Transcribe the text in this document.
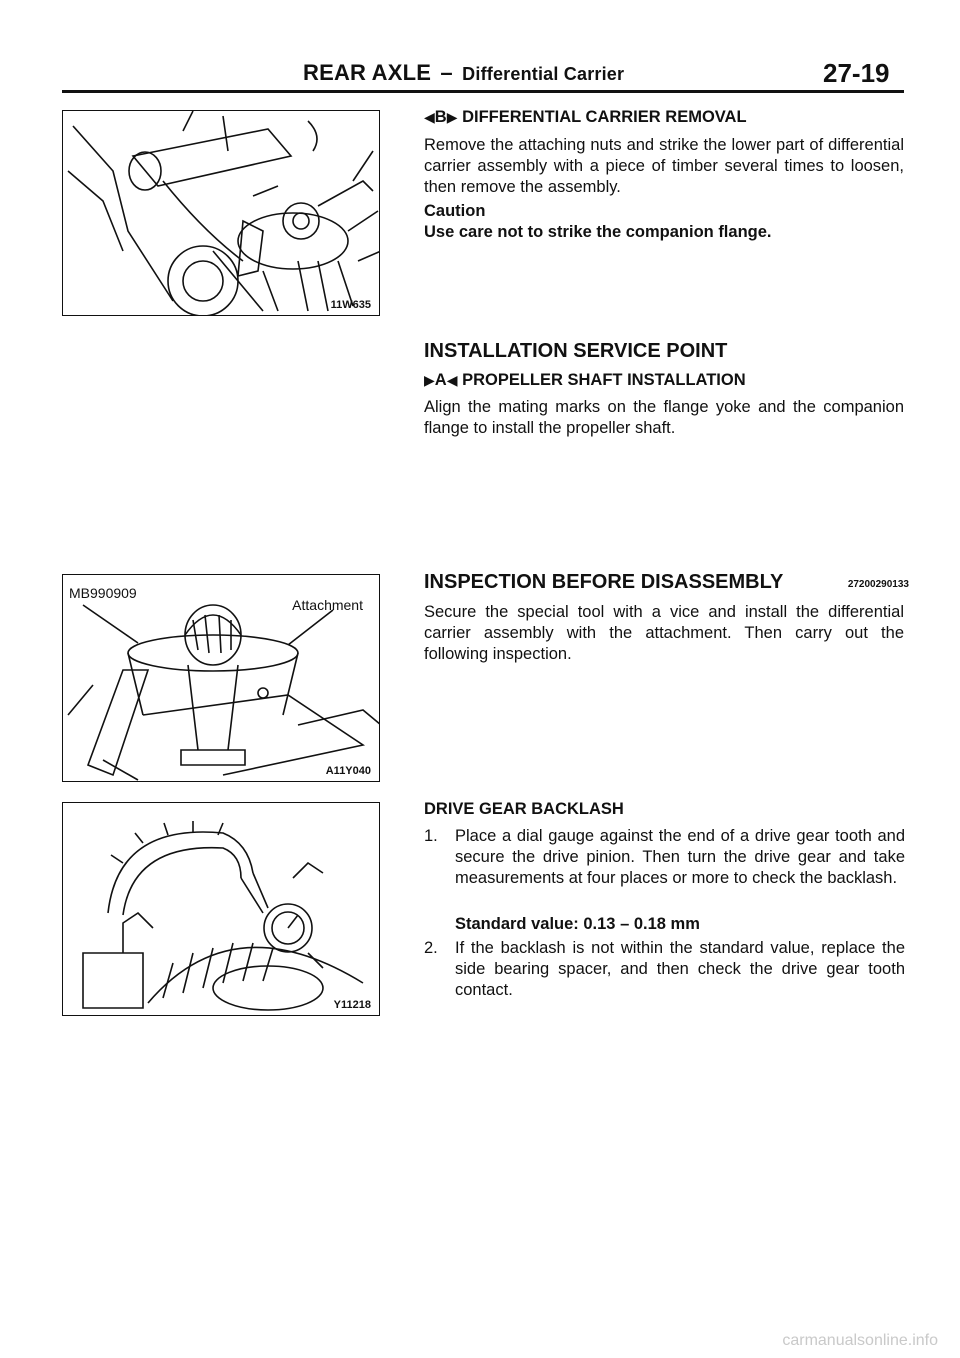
REAR AXLE – Differential Carrier	27-19
11W635
MB990909
Attachment
A11Y040
Y11218
◀B▶ DIFFERENTIAL CARRIER REMOVAL
Remove the attaching nuts and strike the lower part of differential carrier assembly with a piece of timber several times to loosen, then remove the assembly.
Caution
Use care not to strike the companion flange.
INSTALLATION SERVICE POINT
▶A◀ PROPELLER SHAFT INSTALLATION
Align the mating marks on the flange yoke and the companion flange to install the propeller shaft.
INSPECTION BEFORE DISASSEMBLY	27200290133
Secure the special tool with a vice and install the differential carrier assembly with the attachment. Then carry out the following inspection.
DRIVE GEAR BACKLASH
1. Place a dial gauge against the end of a drive gear tooth and secure the drive pinion. Then turn the drive gear and take measurements at four places or more to check the backlash.
Standard value: 0.13 – 0.18 mm
2. If the backlash is not within the standard value, replace the side bearing spacer, and then check the drive gear tooth contact.
carmanualsonline.info
